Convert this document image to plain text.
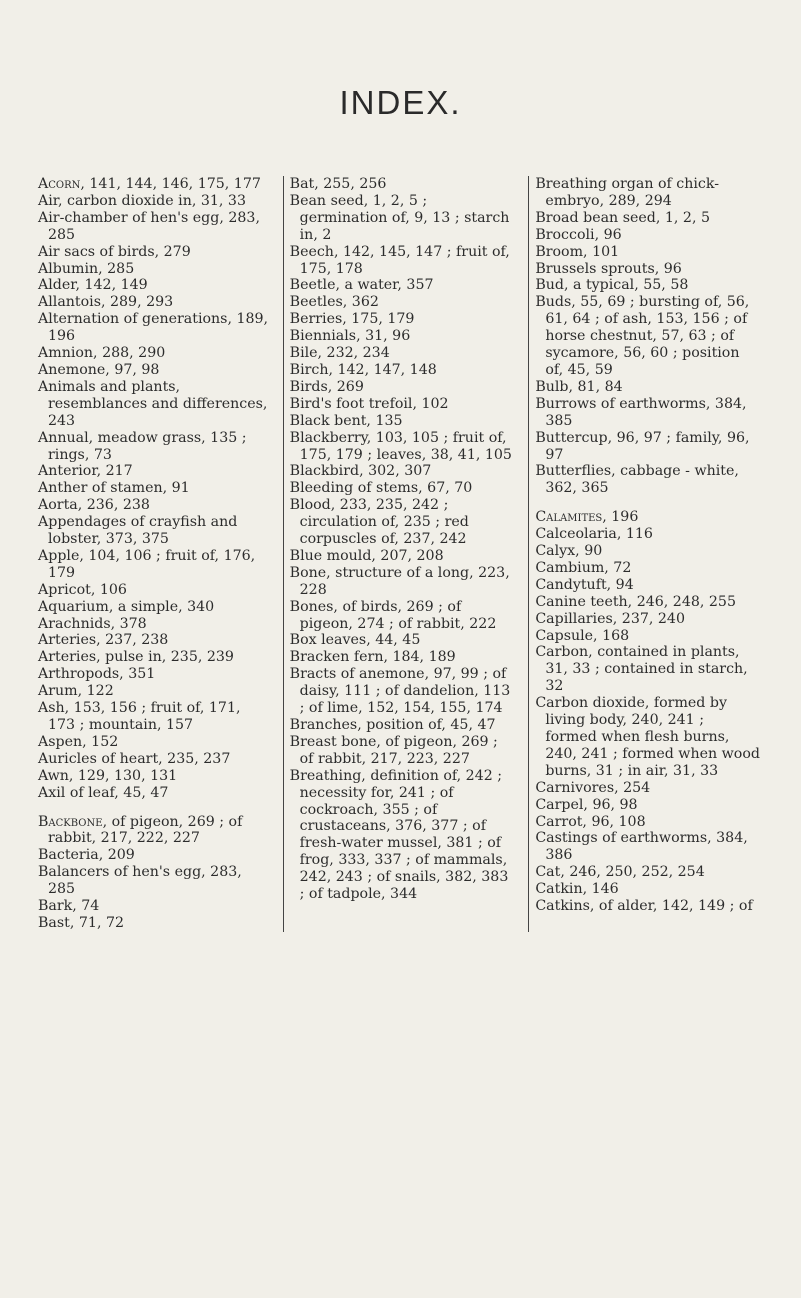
INDEX.

Acorn, 141, 144, 146, 175, 177

Air, carbon dioxide in, 31, 33

Air-chamber of hen's egg, 283, 285

Air sacs of birds, 279

Albumin, 285

Alder, 142, 149

Allantois, 289, 293

Alternation of generations, 189, 196

Amnion, 288, 290

Anemone, 97, 98

Animals and plants, resemblances and differences, 243

Annual, meadow grass, 135 ; rings, 73

Anterior, 217

Anther of stamen, 91

Aorta, 236, 238

Appendages of crayfish and lobster, 373, 375

Apple, 104, 106 ; fruit of, 176, 179

Apricot, 106

Aquarium, a simple, 340

Arachnids, 378

Arteries, 237, 238

Arteries, pulse in, 235, 239

Arthropods, 351

Arum, 122

Ash, 153, 156 ; fruit of, 171, 173 ; mountain, 157

Aspen, 152

Auricles of heart, 235, 237

Awn, 129, 130, 131

Axil of leaf, 45, 47

Backbone, of pigeon, 269 ; of rabbit, 217, 222, 227

Bacteria, 209

Balancers of hen's egg, 283, 285

Bark, 74

Bast, 71, 72

Bat, 255, 256

Bean seed, 1, 2, 5 ; germination of, 9, 13 ; starch in, 2

Beech, 142, 145, 147 ; fruit of, 175, 178

Beetle, a water, 357

Beetles, 362

Berries, 175, 179

Biennials, 31, 96

Bile, 232, 234

Birch, 142, 147, 148

Birds, 269

Bird's foot trefoil, 102

Black bent, 135

Blackberry, 103, 105 ; fruit of, 175, 179 ; leaves, 38, 41, 105

Blackbird, 302, 307

Bleeding of stems, 67, 70

Blood, 233, 235, 242 ; circulation of, 235 ; red corpuscles of, 237, 242

Blue mould, 207, 208

Bone, structure of a long, 223, 228

Bones, of birds, 269 ; of pigeon, 274 ; of rabbit, 222

Box leaves, 44, 45

Bracken fern, 184, 189

Bracts of anemone, 97, 99 ; of daisy, 111 ; of dandelion, 113 ; of lime, 152, 154, 155, 174

Branches, position of, 45, 47

Breast bone, of pigeon, 269 ; of rabbit, 217, 223, 227

Breathing, definition of, 242 ; necessity for, 241 ; of cockroach, 355 ; of crustaceans, 376, 377 ; of fresh-water mussel, 381 ; of frog, 333, 337 ; of mammals, 242, 243 ; of snails, 382, 383 ; of tadpole, 344

Breathing organ of chick-embryo, 289, 294

Broad bean seed, 1, 2, 5

Broccoli, 96

Broom, 101

Brussels sprouts, 96

Bud, a typical, 55, 58

Buds, 55, 69 ; bursting of, 56, 61, 64 ; of ash, 153, 156 ; of horse chestnut, 57, 63 ; of sycamore, 56, 60 ; position of, 45, 59

Bulb, 81, 84

Burrows of earthworms, 384, 385

Buttercup, 96, 97 ; family, 96, 97

Butterflies, cabbage - white, 362, 365

Calamites, 196

Calceolaria, 116

Calyx, 90

Cambium, 72

Candytuft, 94

Canine teeth, 246, 248, 255

Capillaries, 237, 240

Capsule, 168

Carbon, contained in plants, 31, 33 ; contained in starch, 32

Carbon dioxide, formed by living body, 240, 241 ; formed when flesh burns, 240, 241 ; formed when wood burns, 31 ; in air, 31, 33

Carnivores, 254

Carpel, 96, 98

Carrot, 96, 108

Castings of earthworms, 384, 386

Cat, 246, 250, 252, 254

Catkin, 146

Catkins, of alder, 142, 149 ; of
